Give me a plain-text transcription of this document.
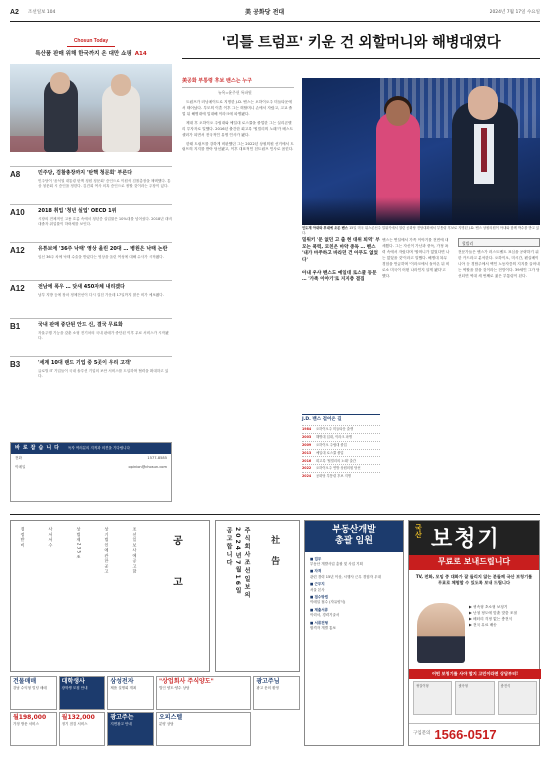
A2 조선일보 104	美 공화당 전대	2024년 7월 17일 수요일
Chosun Today
특산품 판매 위해 한국까지 온 대만 쇼핑 A14
A8	민주당, 검찰총장까지 '탄핵 청문회' 부른다
민주당이 '윤석열 대통령 탄핵 청원 청문회' 증인으로 이원석 검찰총장을 채택했다. 통상 청문회 시 증인을 정한다. 김건희 여사 의혹 증인으로 정할 것이라는 주장이 있다.
A10	2018 취업 '청년 실업' OECD 1위
시장의 전체적인 고용 흐름 속에서 청년층 실업률은 10%대를 넘어섰다. 2018년 대비 대졸자 취업률이 하락세를 보인다.
A12	유튜브에 '36주 낙태' 영상 올린 20대 … 병원은 낙태 논란
임신 36주 차에 낙태 수술을 받았다는 영상을 올린 여성에 대해 수사가 시작됐다.
A12	전남에 폭우 … 닷새 450자체 내리겠다
남부 지방 등에 장마 정체전선이 다시 걸친 가운데 17일까지 많은 비가 예보됐다.
B1	국내 판매 중단된 안드 신, 결국 무료화
자율주행 기능을 갖춘 소형 전기차의 국내 판매가 중단된 이후 무료 서비스가 시작됐다.
B3	'세계 10대 랜드 기업 중 5곳이 우리 고객'
글로벌 IT 기업들이 국내 솔루션 기업의 보안 서비스를 도입하며 협력을 확대하고 있다.
바로잡습니다 독자 여러분의 지적과 의견을 기다립니다
전화	1577-8585
이메일	opinion@chosun.com
'리틀 트럼프' 키운 건 외할머니와 해병대였다
美공화 부통령 후보 밴스는 누구
뉴욕=윤주헌 특파원

트럼프가 러닝메이트로 지명한 J.D. 밴스는 오하이오주 미들타운에서 태어났다. 부모의 이혼 이후 그는 외할머니 손에서 자랐고, 고교 졸업 뒤 해병대에 입대해 이라크에 파병됐다.

제대 후 오하이오 주립대와 예일대 로스쿨을 졸업한 그는 실리콘밸리 투자자로 일했다. 2016년 출간한 회고록 '힐빌리의 노래'가 베스트셀러가 되면서 전국적인 유명 인사가 됐다.

한때 트럼프를 강하게 비판했던 그는 2022년 상원의원 선거에서 트럼프의 지지를 받아 당선됐고, 이후 대표적인 친트럼프 인사로 꼽힌다.

인도계 아내와 무대에 오른 밴스 15일 미국 위스콘신주 밀워키에서 열린 공화당 전당대회에서 부통령 후보로 지명된 J.D. 밴스 상원의원이 아내와 함께 박수를 받고 있다.
밀워키 '문 없던 고 출 현 대위 퇴역' 부모는 폭력, 모친은 마약 중독 … 밴스 '내가 마주하고 바라던 건 아무도 없었다'
아내 우샤 밴스도 예일대 로스쿨 동문 … '가족 이야기'로 지지층 결집
밴스는 연설에서 가족 이야기를 전면에 내세웠다. 그는 자신이 가난과 중독, 가정 폭력 속에서 자랐다며 '할머니가 없었다면 나는 없었을 것'이라고 말했다. 해병대 복무 경험을 언급하며 '이라크에서 돌아온 뒤 비로소 미국이 어떤 나라인지 알게 됐다'고 했다.
힐빌리
전문가들은 밴스가 러스트벨트 표심을 공략하기 위한 카드라고 분석한다. 오하이오, 미시간, 펜실베이니아 등 경합주에서 백인 노동자층의 지지를 끌어내는 역할을 맡을 것이라는 전망이다. 39세인 그가 당선되면 역대 세 번째로 젊은 부통령이 된다.
J.D. 밴스 걸어온 길
1984	오하이오주 미들타운 출생
2003	해병대 입대, 이라크 파병
2009	오하이오 주립대 졸업
2013	예일대 로스쿨 졸업
2016	회고록 '힐빌리의 노래' 출간
2022	오하이오주 연방 상원의원 당선
2024	공화당 부통령 후보 지명
경 정 받 비	사 서 서 수	상 법 제 2 3 5 조	상 기 법 인 에 관 한 공 고	조 선 일 보 사 에 공 고 함	공 고	주 식 회 사 조 선 일 보 의
2 0 2 4 년 7 월 1 6 일
공 고 합 니 다	社告
부동산개발
총괄 임원
■ 업무
부동산 개발사업 총괄 및 사업 기획
■ 자격
관련 경력 15년 이상, 시행사 근무 경험자 우대
■ 근무지
서울 본사
■ 접수방법
이메일 접수 (자유양식)
■ 제출서류
이력서, 경력기술서
■ 서류전형
합격자 개별 통보
국산 보청기
무료로 보내드립니다
TV, 전화, 모임 중 대화가 잘 들리지 않는 분들께 국산 보청기를 무료로 체험할 수 있도록 보내 드립니다
▶ 귀속형 초소형 보청기
▶ 난청 정도에 맞춘 맞춤 조절
▶ 배터리 걱정 없는 충전식
▶ 전국 무료 배송
어떤 보청기를 사야 할지 고민이라면 상담부터!
귀걸이형	귓속형	충전식
구입문의 1566-0517
건물매매
강남 수익형 빌딩 매매
대학생사
장학생 모집 안내
삼성전자
제품 설명회 개최
"상업회사 주식양도"
법인 양도·양수 상담
광고주님
광고 문의 환영
월198,000
가정 방문 서비스
월132,000
정기 점검 서비스
광고주는
지면광고 안내
오피스텔
분양 상담
